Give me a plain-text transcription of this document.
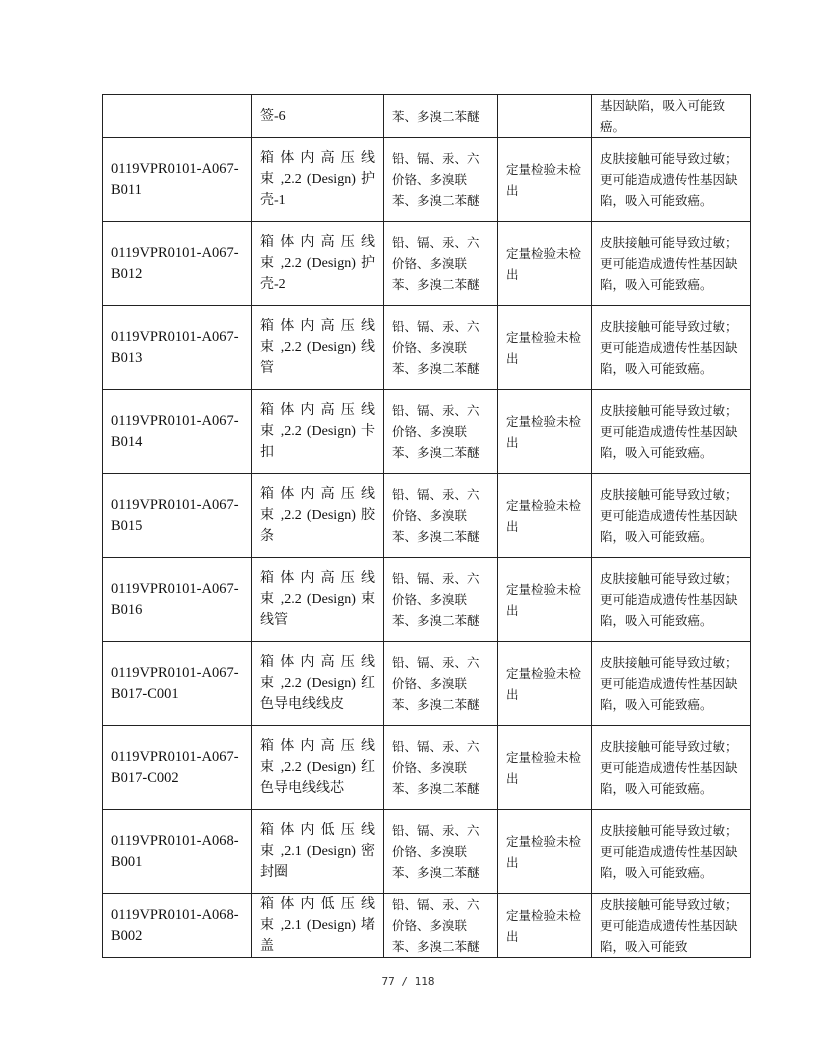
	签-6	苯、多溴二苯醚		基因缺陷，吸入可能致癌。
0119VPR0101-A067-B011	箱 体 内 高 压 线 束 ,2.2 (Design) 护壳-1	铅、镉、汞、六价铬、多溴联苯、多溴二苯醚	定量检验未检出	皮肤接触可能导致过敏；更可能造成遗传性基因缺陷，吸入可能致癌。
0119VPR0101-A067-B012	箱 体 内 高 压 线 束 ,2.2 (Design) 护壳-2	铅、镉、汞、六价铬、多溴联苯、多溴二苯醚	定量检验未检出	皮肤接触可能导致过敏；更可能造成遗传性基因缺陷，吸入可能致癌。
0119VPR0101-A067-B013	箱 体 内 高 压 线 束 ,2.2 (Design) 线管	铅、镉、汞、六价铬、多溴联苯、多溴二苯醚	定量检验未检出	皮肤接触可能导致过敏；更可能造成遗传性基因缺陷，吸入可能致癌。
0119VPR0101-A067-B014	箱 体 内 高 压 线 束 ,2.2 (Design) 卡扣	铅、镉、汞、六价铬、多溴联苯、多溴二苯醚	定量检验未检出	皮肤接触可能导致过敏；更可能造成遗传性基因缺陷，吸入可能致癌。
0119VPR0101-A067-B015	箱 体 内 高 压 线 束 ,2.2 (Design) 胶条	铅、镉、汞、六价铬、多溴联苯、多溴二苯醚	定量检验未检出	皮肤接触可能导致过敏；更可能造成遗传性基因缺陷，吸入可能致癌。
0119VPR0101-A067-B016	箱 体 内 高 压 线 束 ,2.2 (Design) 束线管	铅、镉、汞、六价铬、多溴联苯、多溴二苯醚	定量检验未检出	皮肤接触可能导致过敏；更可能造成遗传性基因缺陷，吸入可能致癌。
0119VPR0101-A067-B017-C001	箱 体 内 高 压 线 束 ,2.2 (Design) 红色导电线线皮	铅、镉、汞、六价铬、多溴联苯、多溴二苯醚	定量检验未检出	皮肤接触可能导致过敏；更可能造成遗传性基因缺陷，吸入可能致癌。
0119VPR0101-A067-B017-C002	箱 体 内 高 压 线 束 ,2.2 (Design) 红色导电线线芯	铅、镉、汞、六价铬、多溴联苯、多溴二苯醚	定量检验未检出	皮肤接触可能导致过敏；更可能造成遗传性基因缺陷，吸入可能致癌。
0119VPR0101-A068-B001	箱 体 内 低 压 线 束 ,2.1 (Design) 密封圈	铅、镉、汞、六价铬、多溴联苯、多溴二苯醚	定量检验未检出	皮肤接触可能导致过敏；更可能造成遗传性基因缺陷，吸入可能致癌。
0119VPR0101-A068-B002	箱 体 内 低 压 线 束 ,2.1 (Design) 堵盖	铅、镉、汞、六价铬、多溴联苯、多溴二苯醚	定量检验未检出	皮肤接触可能导致过敏；更可能造成遗传性基因缺陷，吸入可能致
77 / 118
